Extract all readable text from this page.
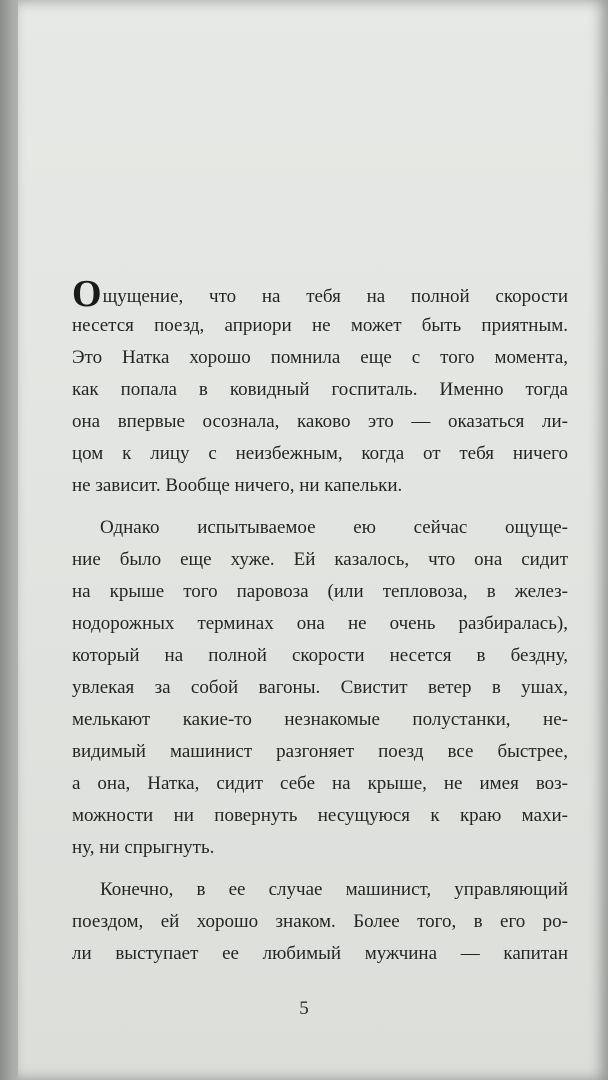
Ощущение, что на тебя на полной скорости
несется поезд, априори не может быть приятным.
Это Натка хорошо помнила еще с того момента,
как попала в ковидный госпиталь. Именно тогда
она впервые осознала, каково это — оказаться ли-
цом к лицу с неизбежным, когда от тебя ничего
не зависит. Вообще ничего, ни капельки.
Однако испытываемое ею сейчас ощуще-
ние было еще хуже. Ей казалось, что она сидит
на крыше того паровоза (или тепловоза, в желез-
нодорожных терминах она не очень разбиралась),
который на полной скорости несется в бездну,
увлекая за собой вагоны. Свистит ветер в ушах,
мелькают какие-то незнакомые полустанки, не-
видимый машинист разгоняет поезд все быстрее,
а она, Натка, сидит себе на крыше, не имея воз-
можности ни повернуть несущуюся к краю махи-
ну, ни спрыгнуть.
Конечно, в ее случае машинист, управляющий
поездом, ей хорошо знаком. Более того, в его ро-
ли выступает ее любимый мужчина — капитан
5
